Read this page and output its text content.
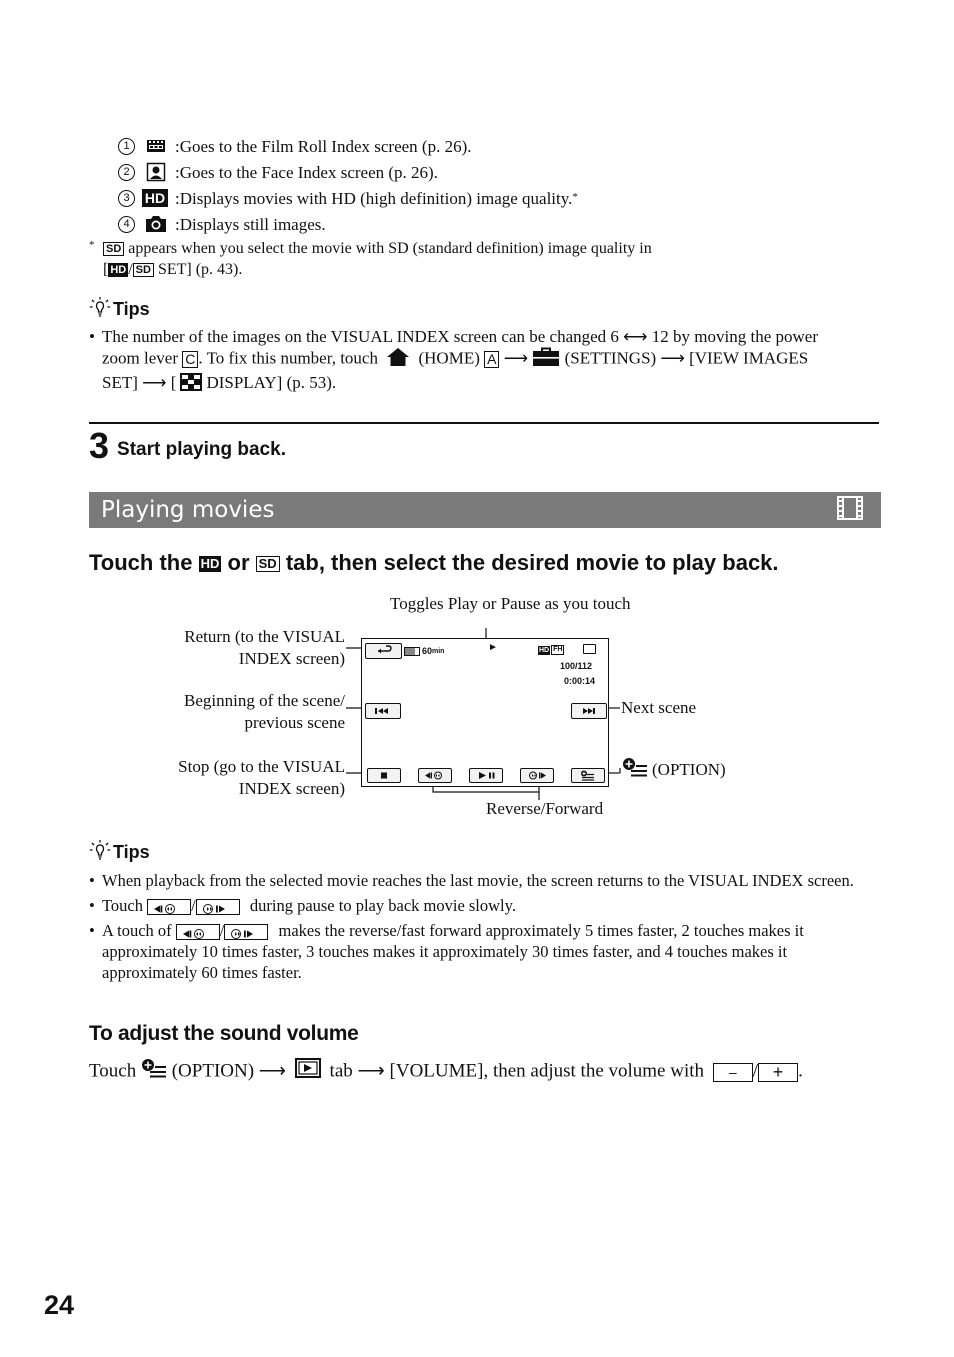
1	:Goes to the Film Roll Index screen (p. 26).
2	:Goes to the Face Index screen (p. 26).
3	HD :Displays movies with HD (high definition) image quality. *
4	:Displays still images.
* SD appears when you select the movie with SD (standard definition) image quality in
[ HD / SD SET] (p. 43).
Tips
• The number of the images on the VISUAL INDEX screen can be changed 6 ⟷ 12 by moving the power
zoom lever C . To fix this number, touch (HOME) A ⟶ (SETTINGS) ⟶ [VIEW IMAGES
SET] ⟶ [ DISPLAY] (p. 53).
3 Start playing back.
Playing movies
Touch the HD or SD tab, then select the desired movie to play back.
Toggles Play or Pause as you touch
Return (to the VISUAL
INDEX screen)
Beginning of the scene/
previous scene
Stop (go to the VISUAL
INDEX screen)
Next scene
(OPTION)
Reverse/Forward
60 min	►	HD FH
100/112
0:00:14
Tips
• When playback from the selected movie reaches the last movie, the screen returns to the VISUAL INDEX screen.
• Touch	/	during pause to play back movie slowly.
• A touch of	/	makes the reverse/fast forward approximately 5 times faster, 2 touches makes it approximately 10 times faster, 3 touches makes it approximately 30 times faster, and 4 touches makes it approximately 60 times faster.
To adjust the sound volume
Touch (OPTION) ⟶ tab ⟶ [VOLUME], then adjust the volume with – / + .
24
